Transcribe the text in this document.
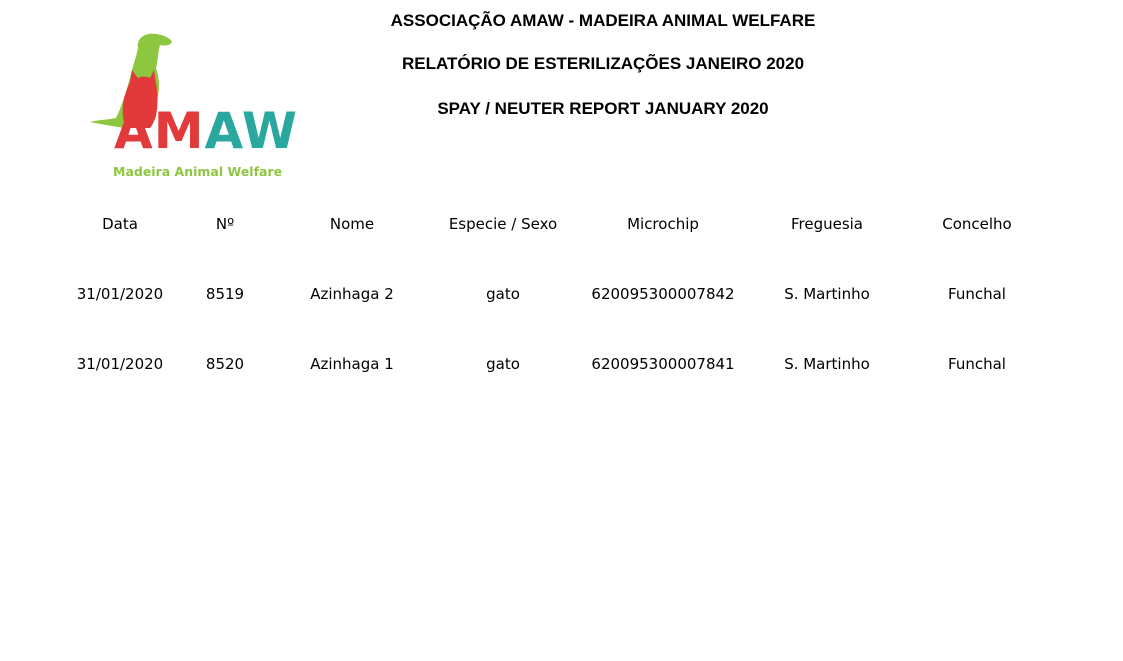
AMAW
Madeira Animal Welfare
ASSOCIAÇÃO AMAW - MADEIRA ANIMAL WELFARE
RELATÓRIO DE ESTERILIZAÇÕES JANEIRO 2020
SPAY / NEUTER REPORT JANUARY 2020
Data	Nº	Nome	Especie / Sexo	Microchip	Freguesia	Concelho
31/01/2020	8519	Azinhaga 2	gato	620095300007842	S. Martinho	Funchal
31/01/2020	8520	Azinhaga 1	gato	620095300007841	S. Martinho	Funchal
